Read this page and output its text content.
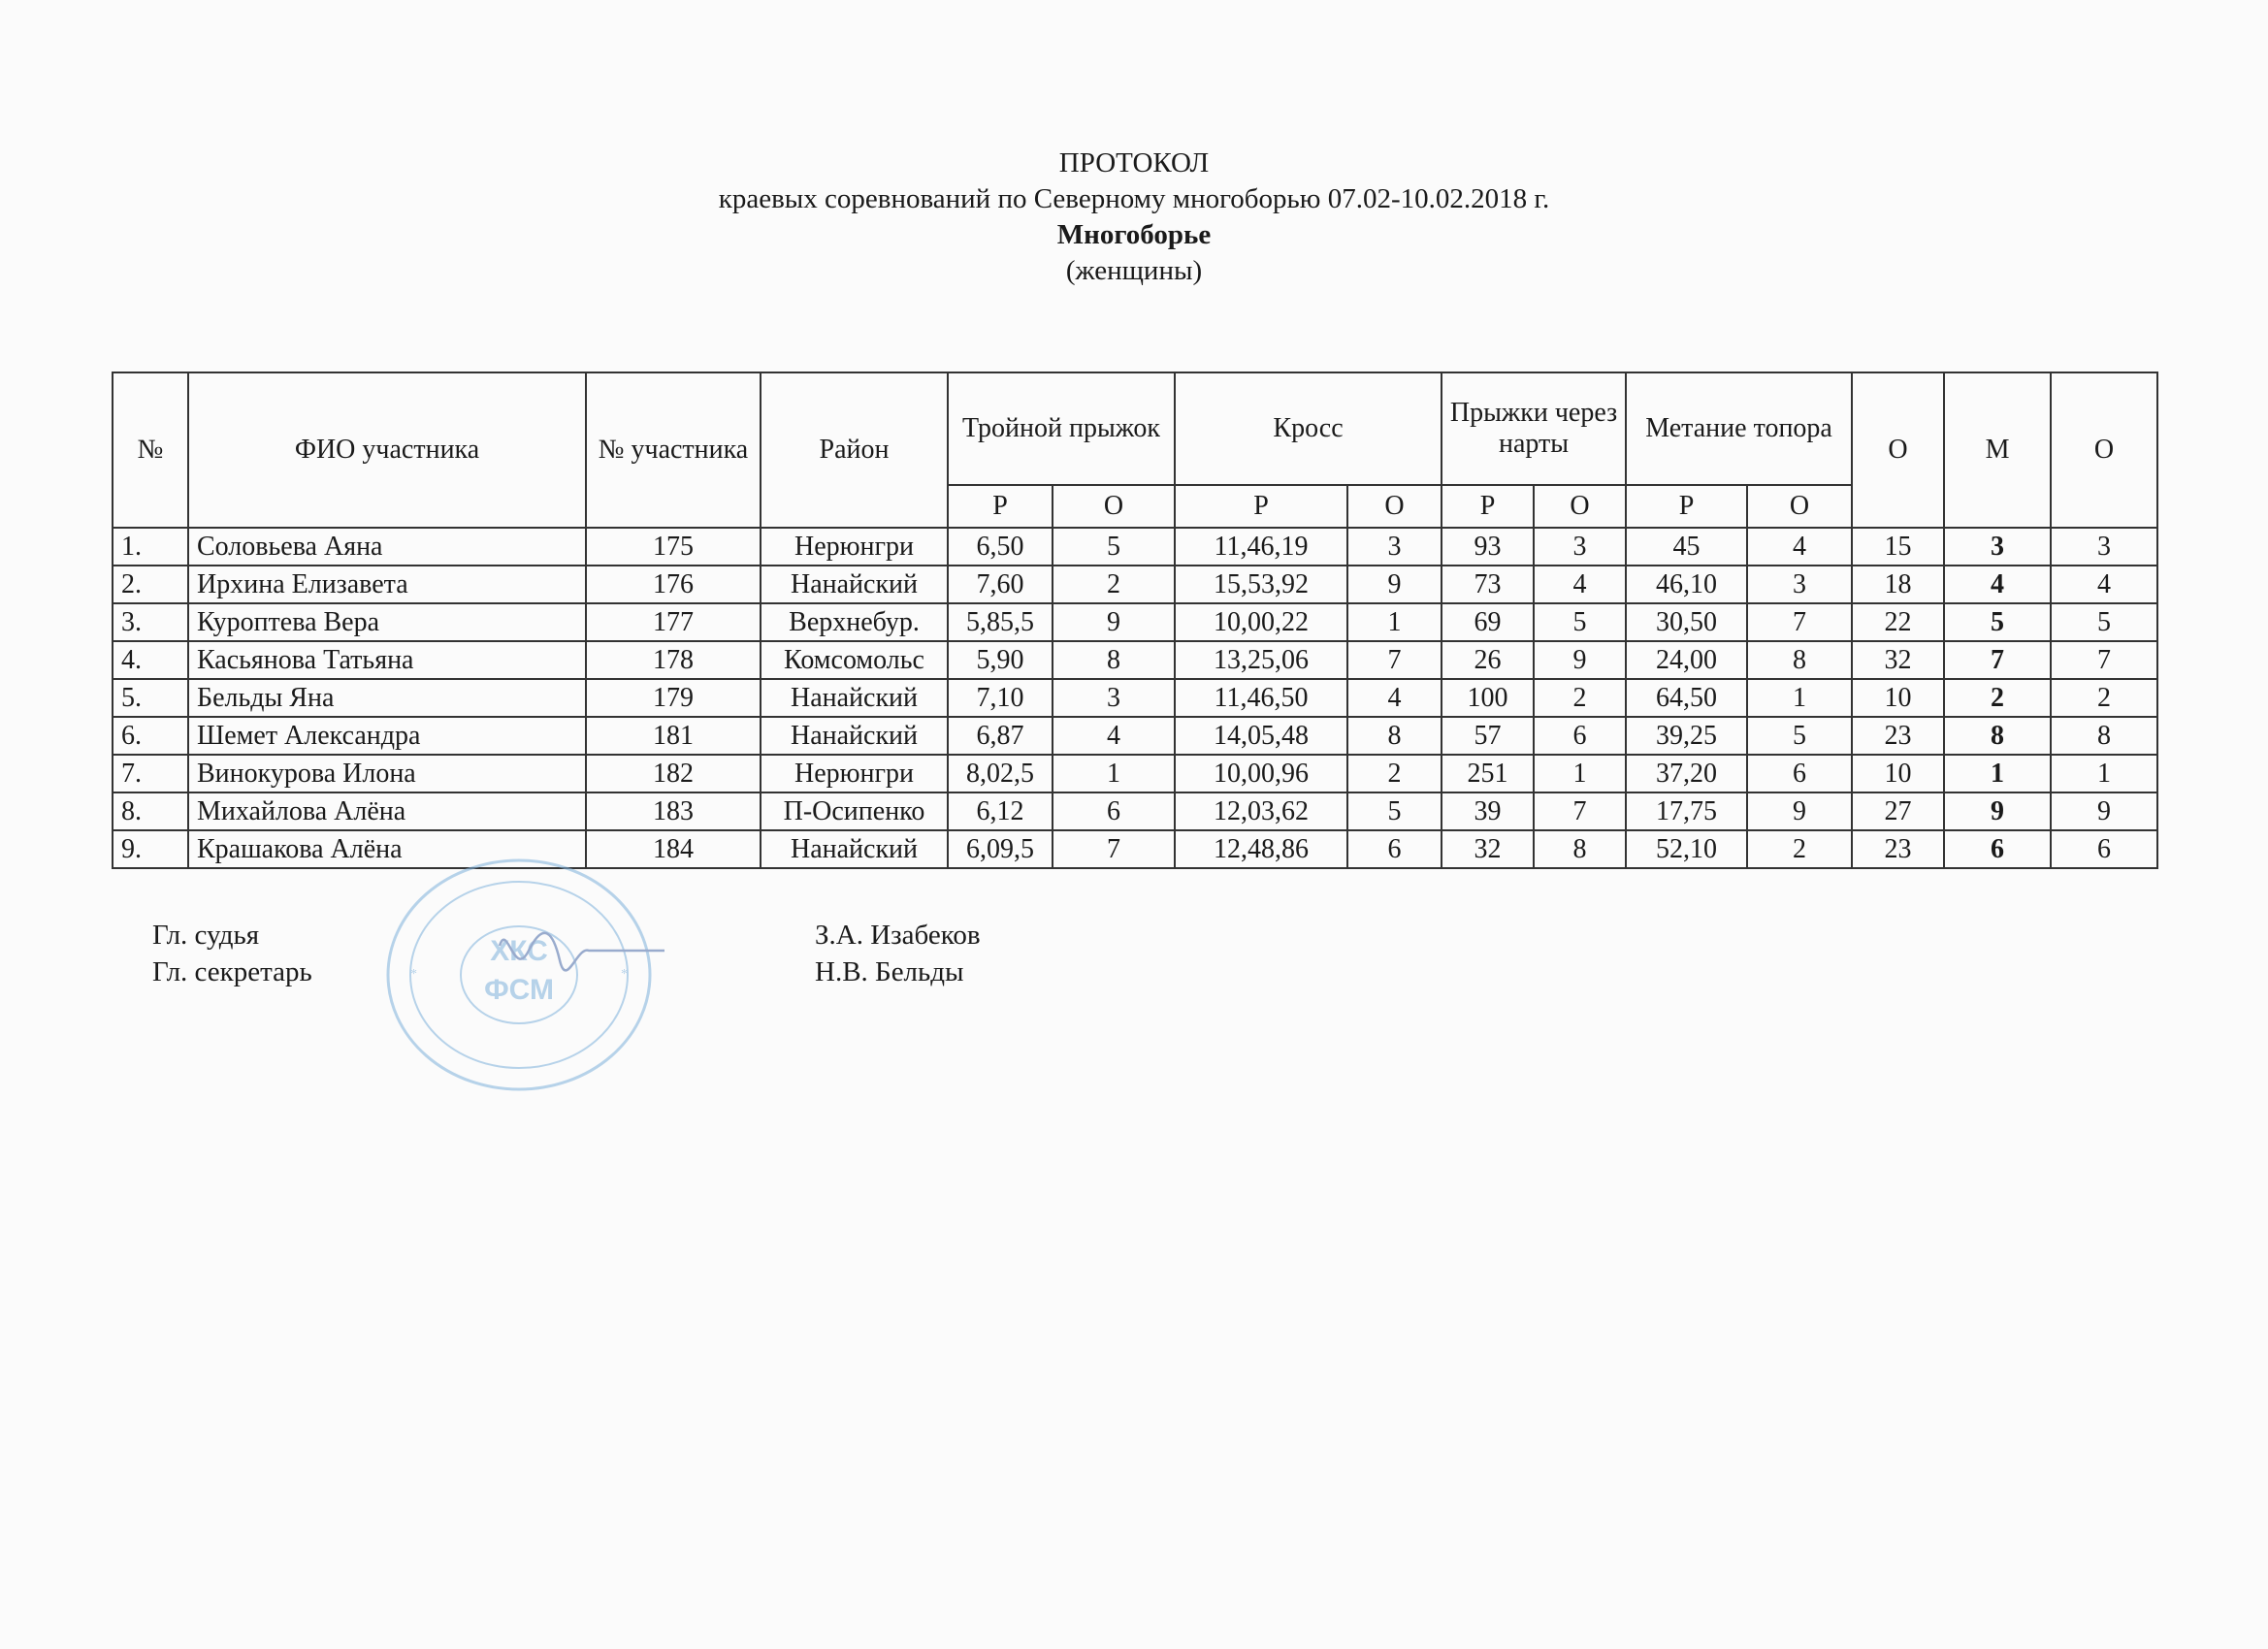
ПРОТОКОЛ
краевых соревнований по Северному многоборью 07.02-10.02.2018 г.
Многоборье
(женщины)
№	ФИО участника	№ участника	Район	Тройной прыжок		Кросс		Прыжки через нарты		Метание топора		О	М	О
				Р	О	Р	О	Р	О	Р	О			
1.	Соловьева Аяна	175	Нерюнгри	6,50	5	11,46,19	3	93	3	45	4	15	3	3
2.	Ирхина Елизавета	176	Нанайский	7,60	2	15,53,92	9	73	4	46,10	3	18	4	4
3.	Куроптева Вера	177	Верхнебур.	5,85,5	9	10,00,22	1	69	5	30,50	7	22	5	5
4.	Касьянова Татьяна	178	Комсомольс	5,90	8	13,25,06	7	26	9	24,00	8	32	7	7
5.	Бельды Яна	179	Нанайский	7,10	3	11,46,50	4	100	2	64,50	1	10	2	2
6.	Шемет Александра	181	Нанайский	6,87	4	14,05,48	8	57	6	39,25	5	23	8	8
7.	Винокурова Илона	182	Нерюнгри	8,02,5	1	10,00,96	2	251	1	37,20	6	10	1	1
8.	Михайлова Алёна	183	П-Осипенко	6,12	6	12,03,62	5	39	7	17,75	9	27	9	9
9.	Крашакова Алёна	184	Нанайский	6,09,5	7	12,48,86	6	32	8	52,10	2	23	6	6
Гл. судья	З.А. Изабеков
Гл. секретарь	Н.В. Бельды
ХКС
ФСМ
*	*
